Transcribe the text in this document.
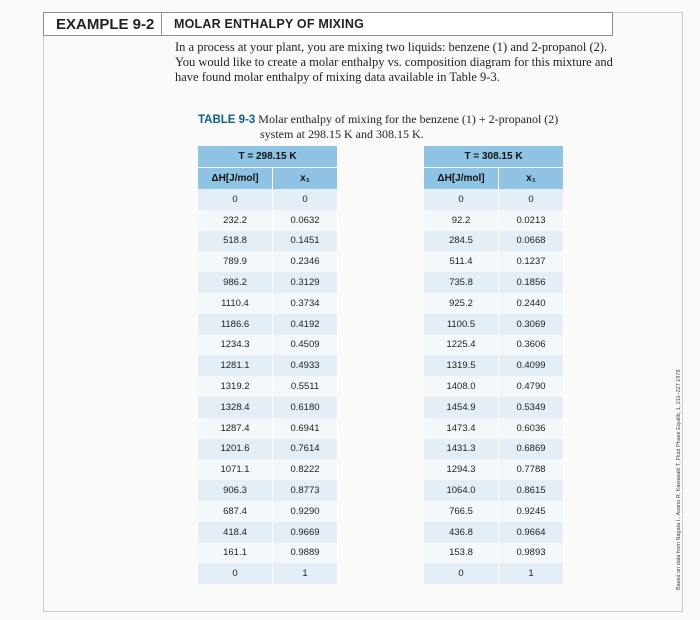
EXAMPLE 9-2	MOLAR ENTHALPY OF MIXING
In a process at your plant, you are mixing two liquids: benzene (1) and 2-propanol (2). You would like to create a molar enthalpy vs. composition diagram for this mixture and have found molar enthalpy of mixing data available in Table 9-3.
TABLE 9-3 Molar enthalpy of mixing for the benzene (1) + 2-propanol (2)
system at 298.15 K and 308.15 K.
T = 298.15 K	
ΔH[J/mol]	x₁
0	0
232.2	0.0632
518.8	0.1451
789.9	0.2346
986.2	0.3129
1110.4	0.3734
1186.6	0.4192
1234.3	0.4509
1281.1	0.4933
1319.2	0.5511
1328.4	0.6180
1287.4	0.6941
1201.6	0.7614
1071.1	0.8222
906.3	0.8773
687.4	0.9290
418.4	0.9669
161.1	0.9889
0	1
T = 308.15 K	
ΔH[J/mol]	x₁
0	0
92.2	0.0213
284.5	0.0668
511.4	0.1237
735.8	0.1856
925.2	0.2440
1100.5	0.3069
1225.4	0.3606
1319.5	0.4099
1408.0	0.4790
1454.9	0.5349
1473.4	0.6036
1431.3	0.6869
1294.3	0.7788
1064.0	0.8615
766.5	0.9245
436.8	0.9664
153.8	0.9893
0	1	Based on data from Nagata I., Asano R, Kawasaki T, Fluid Phase Equilib, 1, 211–227 1978
